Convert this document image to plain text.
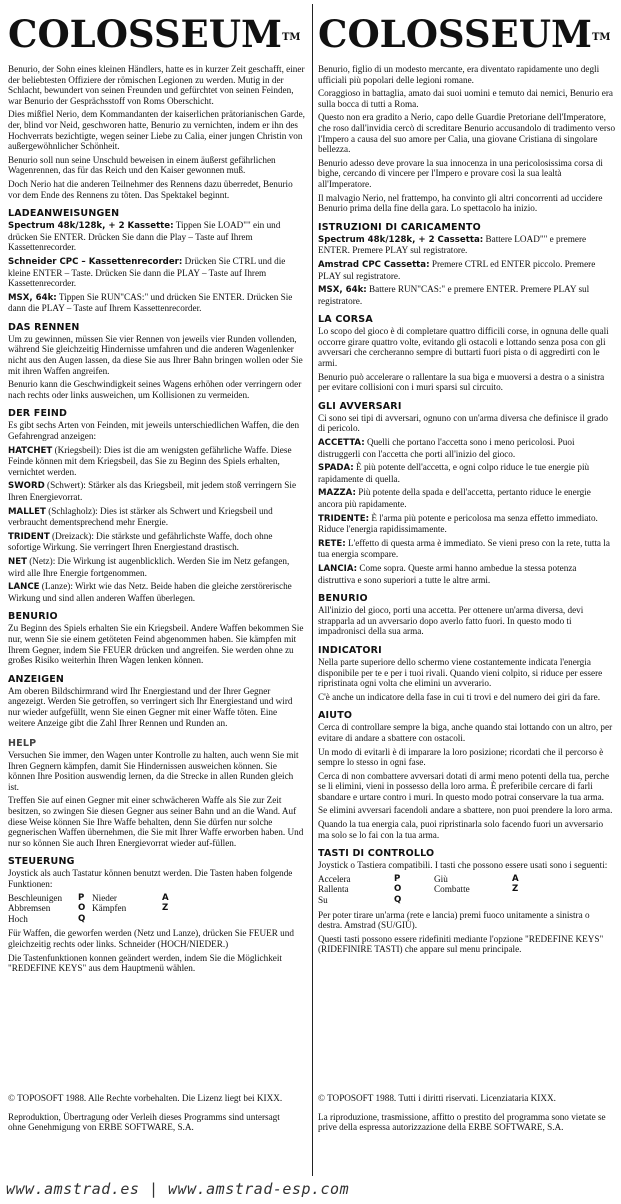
COLOSSEUM™

Benurio, der Sohn eines kleinen Händlers, hatte es in kurzer Zeit geschafft, einer der beliebtesten Offiziere der römischen Legionen zu werden. Mutig in der Schlacht, bewundert von seinen Freunden und gefürchtet von seinen Feinden, war Benurio der Gesprächsstoff von Roms Oberschicht.

Dies mißfiel Nerio, dem Kommandanten der kaiserlichen prätorianischen Garde, der, blind vor Neid, geschworen hatte, Benurio zu vernichten, indem er ihn des Hochverrats bezichtigte, wegen seiner Liebe zu Calia, einer jungen Christin von außergewöhnlicher Schönheit.

Benurio soll nun seine Unschuld beweisen in einem äußerst gefährlichen Wagenrennen, das für das Reich und den Kaiser gewonnen muß.

Doch Nerio hat die anderen Teilnehmer des Rennens dazu überredet, Benurio vor dem Ende des Rennens zu töten. Das Spektakel beginnt.

LADEANWEISUNGEN

Spectrum 48k/128k, + 2 Kassette: Tippen Sie LOAD"" ein und drücken Sie ENTER. Drücken Sie dann die Play – Taste auf Ihrem Kassettenrecorder.

Schneider CPC – Kassettenrecorder: Drücken Sie CTRL und die kleine ENTER – Taste. Drücken Sie dann die PLAY – Taste auf Ihrem Kassettenrecorder.

MSX, 64k: Tippen Sie RUN"CAS:" und drücken Sie ENTER. Drücken Sie dann die PLAY – Taste auf Ihrem Kassettenrecorder.

DAS RENNEN

Um zu gewinnen, müssen Sie vier Rennen von jeweils vier Runden vollenden, während Sie gleichzeitig Hindernisse umfahren und die anderen Wagenlenker nicht aus den Augen lassen, da diese Sie aus Ihrer Bahn bringen wollen oder Sie mit ihren Waffen angreifen.

Benurio kann die Geschwindigkeit seines Wagens erhöhen oder verringern oder nach rechts oder links ausweichen, um Kollisionen zu vermeiden.

DER FEIND

Es gibt sechs Arten von Feinden, mit jeweils unterschiedlichen Waffen, die den Gefahrengrad anzeigen:

HATCHET (Kriegsbeil): Dies ist die am wenigsten gefährliche Waffe. Diese Feinde können mit dem Kriegsbeil, das Sie zu Beginn des Spiels erhalten, vernichtet werden.

SWORD (Schwert): Stärker als das Kriegsbeil, mit jedem stoß verringern Sie Ihren Energievorrat.

MALLET (Schlagholz): Dies ist stärker als Schwert und Kriegsbeil und verbraucht dementsprechend mehr Energie.

TRIDENT (Dreizack): Die stärkste und gefährlichste Waffe, doch ohne sofortige Wirkung. Sie verringert Ihren Energiestand drastisch.

NET (Netz): Die Wirkung ist augenblicklich. Werden Sie im Netz gefangen, wird alle Ihre Energie fortgenommen.

LANCE (Lanze): Wirkt wie das Netz. Beide haben die gleiche zerstörerische Wirkung und sind allen anderen Waffen überlegen.

BENURIO

Zu Beginn des Spiels erhalten Sie ein Kriegsbeil. Andere Waffen bekommen Sie nur, wenn Sie sie einem getöteten Feind abgenommen haben. Sie kämpfen mit Ihrem Gegner, indem Sie FEUER drücken und angreifen. Sie werden ohne zu großes Risiko weiterhin Ihren Wagen lenken können.

ANZEIGEN

Am oberen Bildschirmrand wird Ihr Energiestand und der Ihrer Gegner angezeigt. Werden Sie getroffen, so verringert sich Ihr Energiestand und wird nur wieder aufgefüllt, wenn Sie einen Gegner mit einer Waffe töten. Eine weitere Anzeige gibt die Zahl Ihrer Rennen und Runden an.

HELP

Versuchen Sie immer, den Wagen unter Kontrolle zu halten, auch wenn Sie mit Ihren Gegnern kämpfen, damit Sie Hindernissen ausweichen können. Sie können Ihre Position auswendig lernen, da die Strecke in allen Runden gleich ist.

Treffen Sie auf einen Gegner mit einer schwächeren Waffe als Sie zur Zeit besitzen, so zwingen Sie diesen Gegner aus seiner Bahn und an die Wand. Auf diese Weise können Sie Ihre Waffe behalten, denn Sie dürfen nur solche gegnerischen Waffen übernehmen, die Sie mit Ihrer Waffe erworben haben. Und nur so können Sie auch Ihren Energievorrat wieder auf-füllen.

STEUERUNG

Joystick als auch Tastatur können benutzt werden. Die Tasten haben folgende Funktionen:

Beschleunigen	P Nieder	A
Abbremsen	O Kämpfen	Z
Hoch	Q

Für Waffen, die geworfen werden (Netz und Lanze), drücken Sie FEUER und gleichzeitig rechts oder links. Schneider (HOCH/NIEDER.)

Die Tastenfunktionen konnen geändert werden, indem Sie die Möglichkeit "REDEFINE KEYS" aus dem Hauptmenü wählen.

© TOPOSOFT 1988. Alle Rechte vorbehalten. Die Lizenz liegt bei KIXX.

Reproduktion, Übertragung oder Verleih dieses Programms sind untersagt ohne Genehmigung von ERBE SOFTWARE, S.A.

COLOSSEUM™

Benurio, figlio di un modesto mercante, era diventato rapidamente uno degli ufficiali più popolari delle legioni romane.

Coraggioso in battaglia, amato dai suoi uomini e temuto dai nemici, Benurio era sulla bocca di tutti a Roma.

Questo non era gradito a Nerio, capo delle Guardie Pretoriane dell'Imperatore, che roso dall'invidia cercò di screditare Benurio accusandolo di tradimento verso l'Impero a causa del suo amore per Calia, una giovane Cristiana di singolare bellezza.

Benurio adesso deve provare la sua innocenza in una pericolosissima corsa di bighe, cercando di vincere per l'Impero e provare così la sua lealtà all'Imperatore.

Il malvagio Nerio, nel frattempo, ha convinto gli altri concorrenti ad uccidere Benurio prima della fine della gara. Lo spettacolo ha inizio.

ISTRUZIONI DI CARICAMENTO

Spectrum 48k/128k, + 2 Cassetta: Battere LOAD"" e premere ENTER. Premere PLAY sul registratore.

Amstrad CPC Cassetta: Premere CTRL ed ENTER piccolo. Premere PLAY sul registratore.

MSX, 64k: Battere RUN"CAS:" e premere ENTER. Premere PLAY sul registratore.

LA CORSA

Lo scopo del gioco è di completare quattro difficili corse, in ognuna delle quali occorre girare quattro volte, evitando gli ostacoli e lottando senza posa con gli avversari che cercheranno sempre di buttarti fuori pista o di aggredirti con le armi.

Benurio può accelerare o rallentare la sua biga e muoversi a destra o a sinistra per evitare collisioni con i muri sparsi sul circuito.

GLI AVVERSARI

Ci sono sei tipi di avversari, ognuno con un'arma diversa che definisce il grado di pericolo.

ACCETTA: Quelli che portano l'accetta sono i meno pericolosi. Puoi distruggerli con l'accetta che porti all'inizio del gioco.

SPADA: È più potente dell'accetta, e ogni colpo riduce le tue energie più rapidamente di quella.

MAZZA: Più potente della spada e dell'accetta, pertanto riduce le energie ancora più rapidamente.

TRIDENTE: È l'arma più potente e pericolosa ma senza effetto immediato. Riduce l'energia rapidissimamente.

RETE: L'effetto di questa arma è immediato. Se vieni preso con la rete, tutta la tua energia scompare.

LANCIA: Come sopra. Queste armi hanno ambedue la stessa potenza distruttiva e sono superiori a tutte le altre armi.

BENURIO

All'inizio del gioco, porti una accetta. Per ottenere un'arma diversa, devi strapparla ad un avversario dopo averlo fatto fuori. In questo modo ti impadronisci della sua arma.

INDICATORI

Nella parte superiore dello schermo viene costantemente indicata l'energia disponibile per te e per i tuoi rivali. Quando vieni colpito, si riduce per essere ripristinata ogni volta che elimini un avverario.

C'è anche un indicatore della fase in cui ti trovi e del numero dei giri da fare.

AIUTO

Cerca di controllare sempre la biga, anche quando stai lottando con un altro, per evitare di andare a sbattere con ostacoli.

Un modo di evitarli è di imparare la loro posizione; ricordati che il percorso è sempre lo stesso in ogni fase.

Cerca di non combattere avversari dotati di armi meno potenti della tua, perche se li elimini, vieni in possesso della loro arma. È preferibile cercare di farli sbandare e urtare contro i muri. In questo modo potrai conservare la tua arma.

Se elimini avversari facendoli andare a sbattere, non puoi prendere la loro arma.

Quando la tua energia cala, puoi ripristinarla solo facendo fuori un avversario ma solo se lo fai con la tua arma.

TASTI DI CONTROLLO

Joystick o Tastiera compatibili. I tasti che possono essere usati sono i seguenti:

Accelera	P	Giù	A
Rallenta	O	Combatte	Z
Su	Q

Per poter tirare un'arma (rete e lancia) premi fuoco unitamente a sinistra o destra. Amstrad (SU/GIÙ).

Questi tasti possono essere ridefiniti mediante l'opzione "REDEFINE KEYS" (RIDEFINIRE TASTI) che appare sul menu principale.

© TOPOSOFT 1988. Tutti i diritti riservati. Licenziataria KIXX.

La riproduzione, trasmissione, affitto o prestito del programma sono vietate se prive della espressa autorizzazione della ERBE SOFTWARE, S.A.

www.amstrad.es | www.amstrad-esp.com
